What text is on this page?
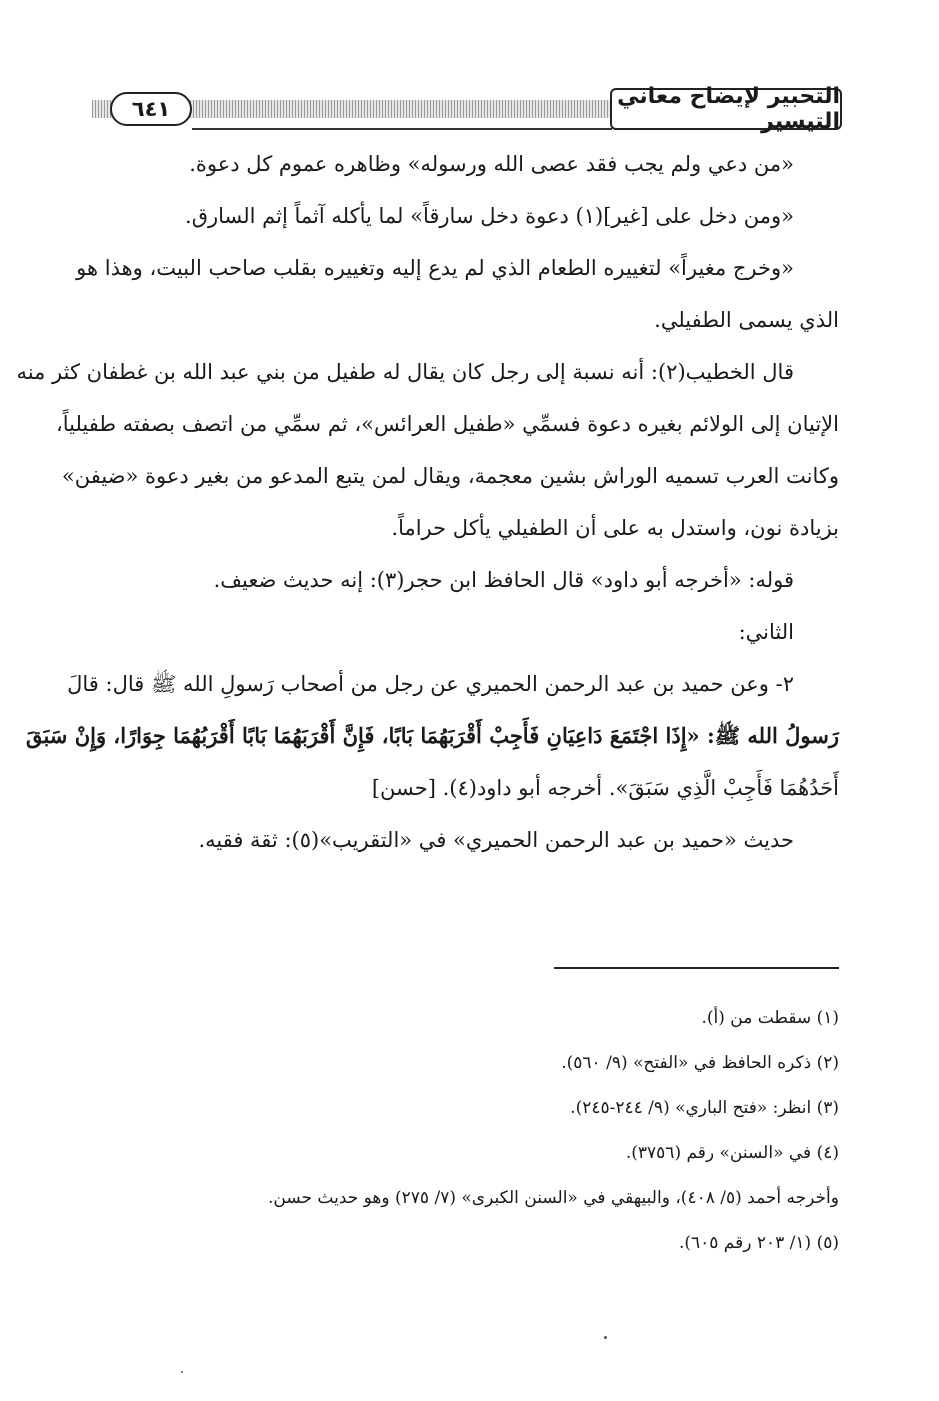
التحبير لإيضاح معاني التيسير
٦٤١
«من دعي ولم يجب فقد عصى الله ورسوله» وظاهره عموم كل دعوة.
«ومن دخل على [غير](١) دعوة دخل سارقاً» لما يأكله آثماً إثم السارق.
«وخرج مغيراً» لتغييره الطعام الذي لم يدع إليه وتغييره بقلب صاحب البيت، وهذا هو
الذي يسمى الطفيلي.
قال الخطيب(٢): أنه نسبة إلى رجل كان يقال له طفيل من بني عبد الله بن غطفان كثر منه
الإتيان إلى الولائم بغيره دعوة فسمِّي «طفيل العرائس»، ثم سمِّي من اتصف بصفته طفيلياً،
وكانت العرب تسميه الوراش بشين معجمة، ويقال لمن يتبع المدعو من بغير دعوة «ضيفن»
بزيادة نون، واستدل به على أن الطفيلي يأكل حراماً.
قوله: «أخرجه أبو داود» قال الحافظ ابن حجر(٣): إنه حديث ضعيف.
الثاني:
٢- وعن حميد بن عبد الرحمن الحميري عن رجل من أصحاب رَسولِ الله ﷺ قال: قالَ
رَسولُ الله ﷺ: «إِذَا اجْتَمَعَ دَاعِيَانِ فَأَجِبْ أَقْرَبَهُمَا بَابًا، فَإِنَّ أَقْرَبَهُمَا بَابًا أَقْرَبُهُمَا جِوَارًا، وَإِنْ سَبَقَ
أَحَدُهُمَا فَأَجِبْ الَّذِي سَبَقَ». أخرجه أبو داود(٤). [حسن]
حديث «حميد بن عبد الرحمن الحميري» في «التقريب»(٥): ثقة فقيه.
(١) سقطت من (أ).
(٢) ذكره الحافظ في «الفتح» (٩/ ٥٦٠).
(٣) انظر: «فتح الباري» (٩/ ٢٤٤-٢٤٥).
(٤) في «السنن» رقم (٣٧٥٦).
وأخرجه أحمد (٥/ ٤٠٨)، والبيهقي في «السنن الكبرى» (٧/ ٢٧٥) وهو حديث حسن.
(٥) (١/ ٢٠٣ رقم ٦٠٥).
